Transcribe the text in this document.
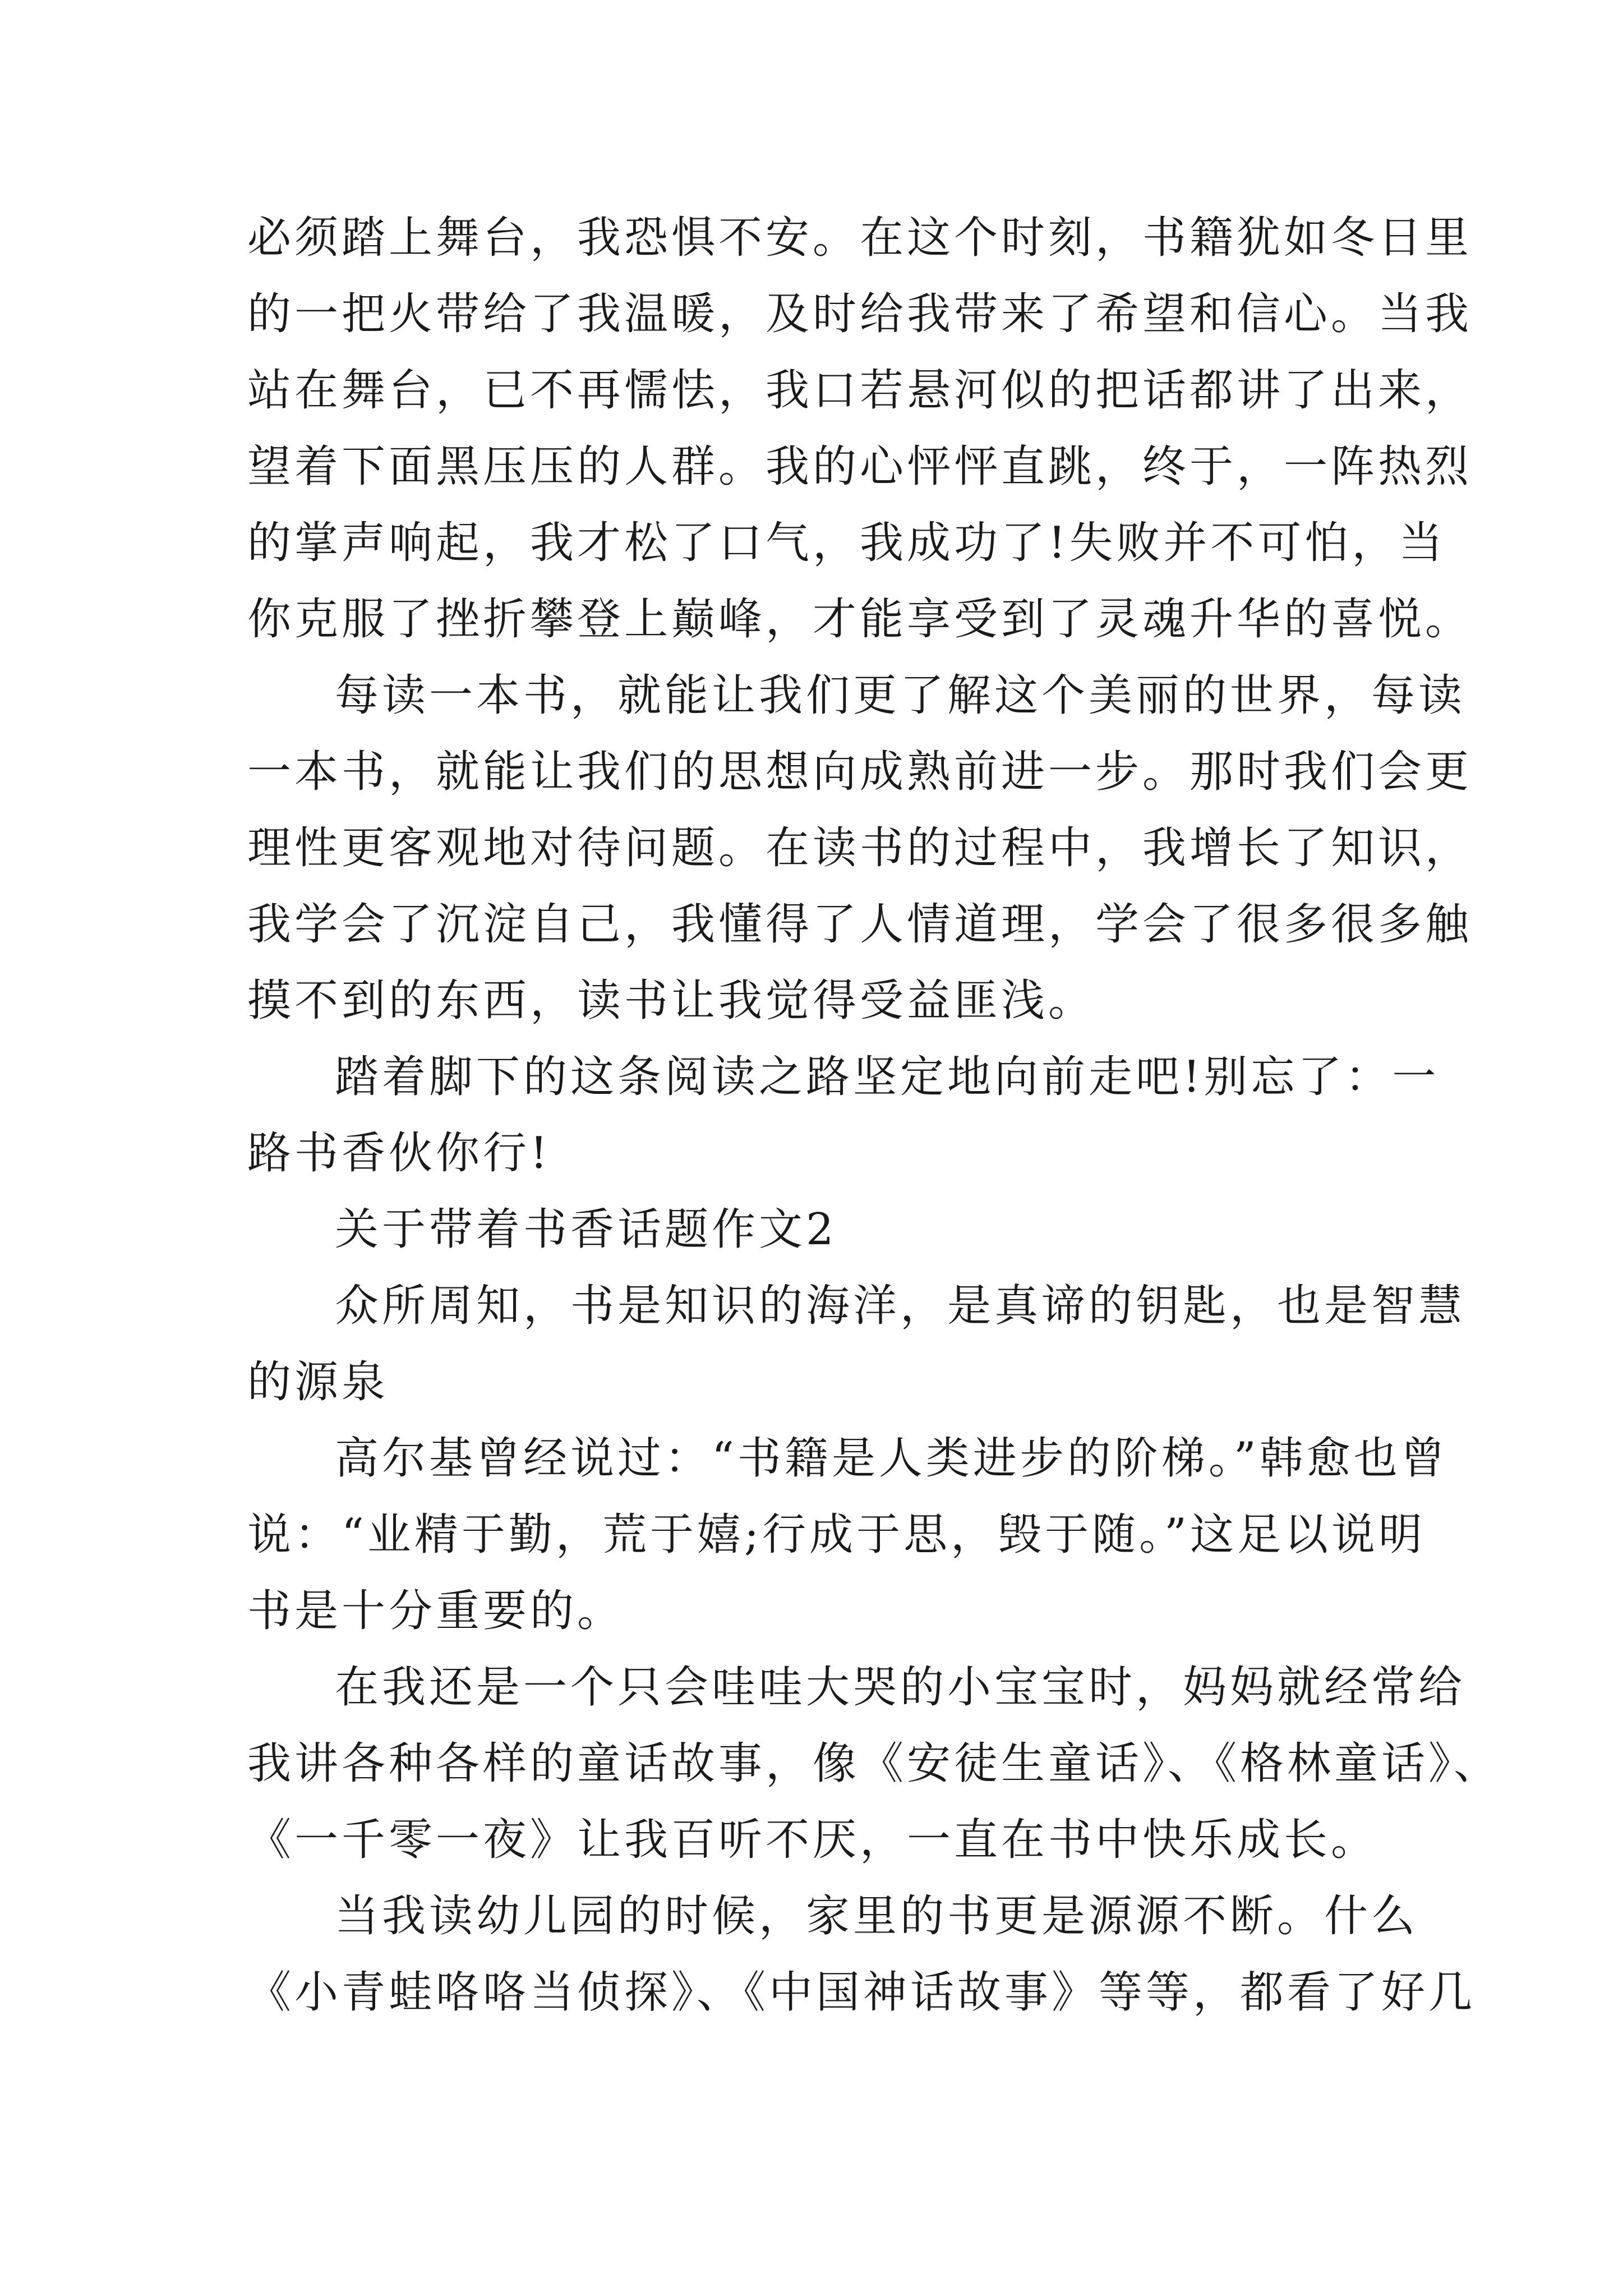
必须踏上舞台，我恐惧不安。在这个时刻，书籍犹如冬日里
的一把火带给了我温暖，及时给我带来了希望和信心。当我
站在舞台，已不再懦怯，我口若悬河似的把话都讲了出来，
望着下面黑压压的人群。我的心怦怦直跳，终于，一阵热烈
的掌声响起，我才松了口气，我成功了!失败并不可怕，当
你克服了挫折攀登上巅峰，才能享受到了灵魂升华的喜悦。
每读一本书，就能让我们更了解这个美丽的世界，每读
一本书，就能让我们的思想向成熟前进一步。那时我们会更
理性更客观地对待问题。在读书的过程中，我增长了知识，
我学会了沉淀自己，我懂得了人情道理，学会了很多很多触
摸不到的东西，读书让我觉得受益匪浅。
踏着脚下的这条阅读之路坚定地向前走吧!别忘了：一
路书香伙你行!
关于带着书香话题作文2
众所周知，书是知识的海洋，是真谛的钥匙，也是智慧
的源泉
高尔基曾经说过：“书籍是人类进步的阶梯。”韩愈也曾
说：“业精于勤，荒于嬉;行成于思，毁于随。”这足以说明
书是十分重要的。
在我还是一个只会哇哇大哭的小宝宝时，妈妈就经常给
我讲各种各样的童话故事，像《安徒生童话》、《格林童话》、
《一千零一夜》让我百听不厌，一直在书中快乐成长。
当我读幼儿园的时候，家里的书更是源源不断。什么
《小青蛙咯咯当侦探》、《中国神话故事》等等，都看了好几
